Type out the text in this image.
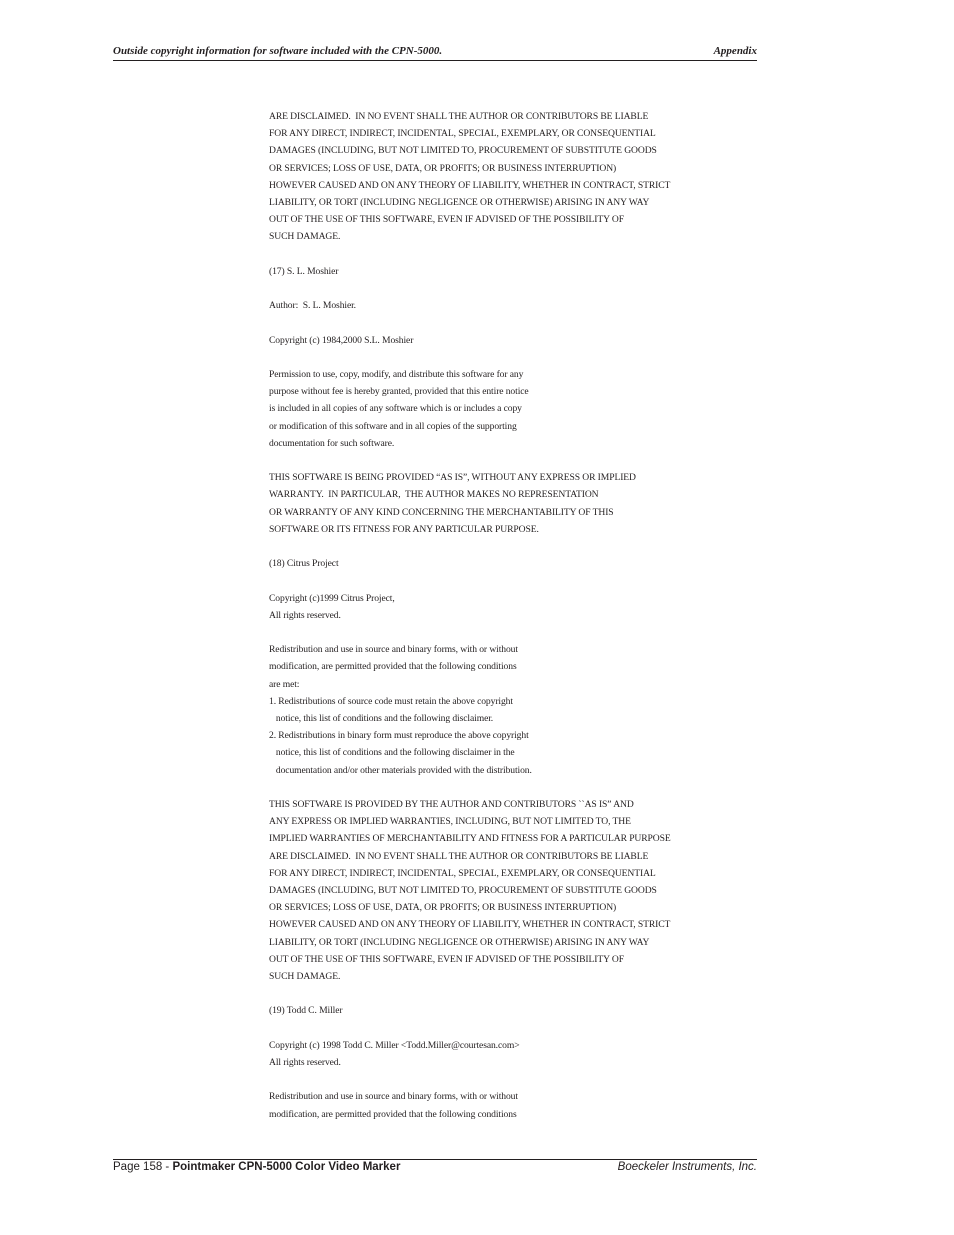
Outside copyright information for software included with the CPN-5000.	Appendix
ARE DISCLAIMED.  IN NO EVENT SHALL THE AUTHOR OR CONTRIBUTORS BE LIABLE
FOR ANY DIRECT, INDIRECT, INCIDENTAL, SPECIAL, EXEMPLARY, OR CONSEQUENTIAL
DAMAGES (INCLUDING, BUT NOT LIMITED TO, PROCUREMENT OF SUBSTITUTE GOODS
OR SERVICES; LOSS OF USE, DATA, OR PROFITS; OR BUSINESS INTERRUPTION)
HOWEVER CAUSED AND ON ANY THEORY OF LIABILITY, WHETHER IN CONTRACT, STRICT
LIABILITY, OR TORT (INCLUDING NEGLIGENCE OR OTHERWISE) ARISING IN ANY WAY
OUT OF THE USE OF THIS SOFTWARE, EVEN IF ADVISED OF THE POSSIBILITY OF
SUCH DAMAGE.
(17) S. L. Moshier
Author:  S. L. Moshier.
Copyright (c) 1984,2000 S.L. Moshier
Permission to use, copy, modify, and distribute this software for any
purpose without fee is hereby granted, provided that this entire notice
is included in all copies of any software which is or includes a copy
or modification of this software and in all copies of the supporting
documentation for such software.
THIS SOFTWARE IS BEING PROVIDED “AS IS”, WITHOUT ANY EXPRESS OR IMPLIED
WARRANTY.  IN PARTICULAR,  THE AUTHOR MAKES NO REPRESENTATION
OR WARRANTY OF ANY KIND CONCERNING THE MERCHANTABILITY OF THIS
SOFTWARE OR ITS FITNESS FOR ANY PARTICULAR PURPOSE.
(18) Citrus Project
Copyright (c)1999 Citrus Project,
All rights reserved.
Redistribution and use in source and binary forms, with or without
modification, are permitted provided that the following conditions
are met:
1. Redistributions of source code must retain the above copyright
notice, this list of conditions and the following disclaimer.
2. Redistributions in binary form must reproduce the above copyright
notice, this list of conditions and the following disclaimer in the
documentation and/or other materials provided with the distribution.
THIS SOFTWARE IS PROVIDED BY THE AUTHOR AND CONTRIBUTORS ``AS IS” AND
ANY EXPRESS OR IMPLIED WARRANTIES, INCLUDING, BUT NOT LIMITED TO, THE
IMPLIED WARRANTIES OF MERCHANTABILITY AND FITNESS FOR A PARTICULAR PURPOSE
ARE DISCLAIMED.  IN NO EVENT SHALL THE AUTHOR OR CONTRIBUTORS BE LIABLE
FOR ANY DIRECT, INDIRECT, INCIDENTAL, SPECIAL, EXEMPLARY, OR CONSEQUENTIAL
DAMAGES (INCLUDING, BUT NOT LIMITED TO, PROCUREMENT OF SUBSTITUTE GOODS
OR SERVICES; LOSS OF USE, DATA, OR PROFITS; OR BUSINESS INTERRUPTION)
HOWEVER CAUSED AND ON ANY THEORY OF LIABILITY, WHETHER IN CONTRACT, STRICT
LIABILITY, OR TORT (INCLUDING NEGLIGENCE OR OTHERWISE) ARISING IN ANY WAY
OUT OF THE USE OF THIS SOFTWARE, EVEN IF ADVISED OF THE POSSIBILITY OF
SUCH DAMAGE.
(19) Todd C. Miller
Copyright (c) 1998 Todd C. Miller <Todd.Miller@courtesan.com>
All rights reserved.
Redistribution and use in source and binary forms, with or without
modification, are permitted provided that the following conditions
Page 158 - Pointmaker CPN-5000 Color Video Marker	Boeckeler Instruments, Inc.
